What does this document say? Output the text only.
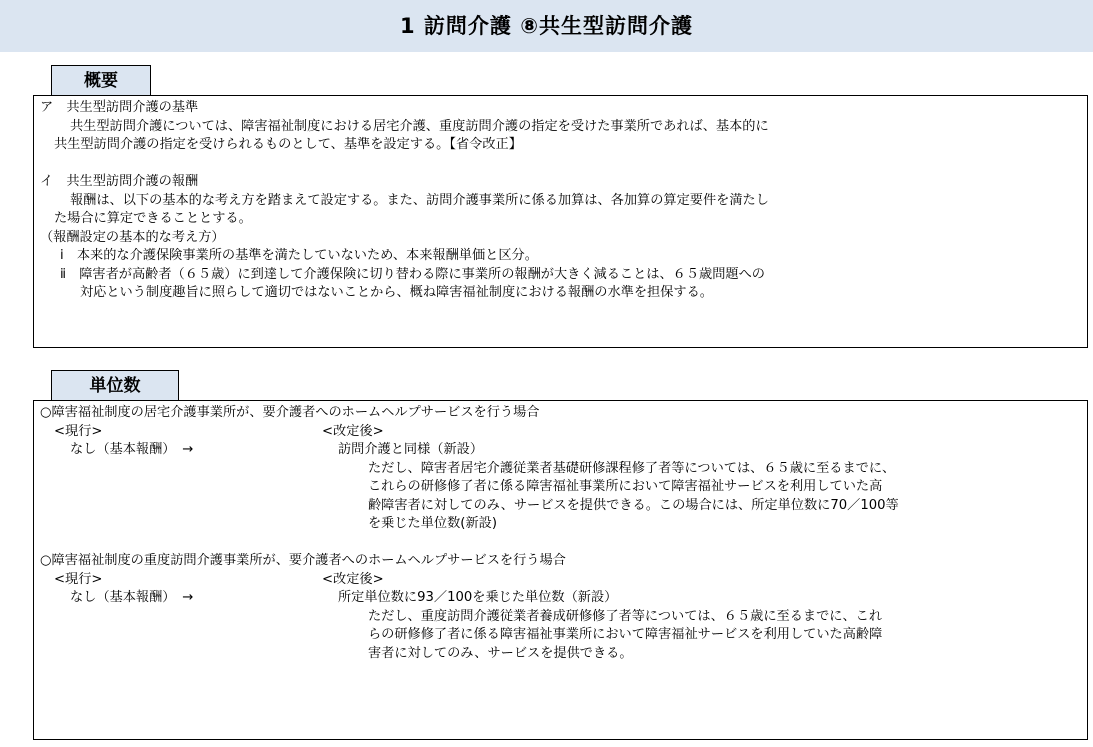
1 訪問介護 ⑧共生型訪問介護
概要

ア　共生型訪問介護の基準

共生型訪問介護については、障害福祉制度における居宅介護、重度訪問介護の指定を受けた事業所であれば、基本的に

共生型訪問介護の指定を受けられるものとして、基準を設定する。【省令改正】

イ　共生型訪問介護の報酬

報酬は、以下の基本的な考え方を踏まえて設定する。また、訪問介護事業所に係る加算は、各加算の算定要件を満たし

た場合に算定できることとする。

（報酬設定の基本的な考え方）

ⅰ　本来的な介護保険事業所の基準を満たしていないため、本来報酬単価と区分。

ⅱ　障害者が高齢者（６５歳）に到達して介護保険に切り替わる際に事業所の報酬が大きく減ることは、６５歳問題への

対応という制度趣旨に照らして適切ではないことから、概ね障害福祉制度における報酬の水準を担保する。

単位数

○障害福祉制度の居宅介護事業所が、要介護者へのホームヘルプサービスを行う場合

<現行>	<改定後>
なし（基本報酬）　→	訪問介護と同様（新設）

ただし、障害者居宅介護従業者基礎研修課程修了者等については、６５歳に至るまでに、

これらの研修修了者に係る障害福祉事業所において障害福祉サービスを利用していた高

齢障害者に対してのみ、サービスを提供できる。この場合には、所定単位数に70／100等

を乗じた単位数(新設)

○障害福祉制度の重度訪問介護事業所が、要介護者へのホームヘルプサービスを行う場合

<現行>	<改定後>
なし（基本報酬）　→	所定単位数に93／100を乗じた単位数（新設）

ただし、重度訪問介護従業者養成研修修了者等については、６５歳に至るまでに、これ

らの研修修了者に係る障害福祉事業所において障害福祉サービスを利用していた高齢障

害者に対してのみ、サービスを提供できる。
